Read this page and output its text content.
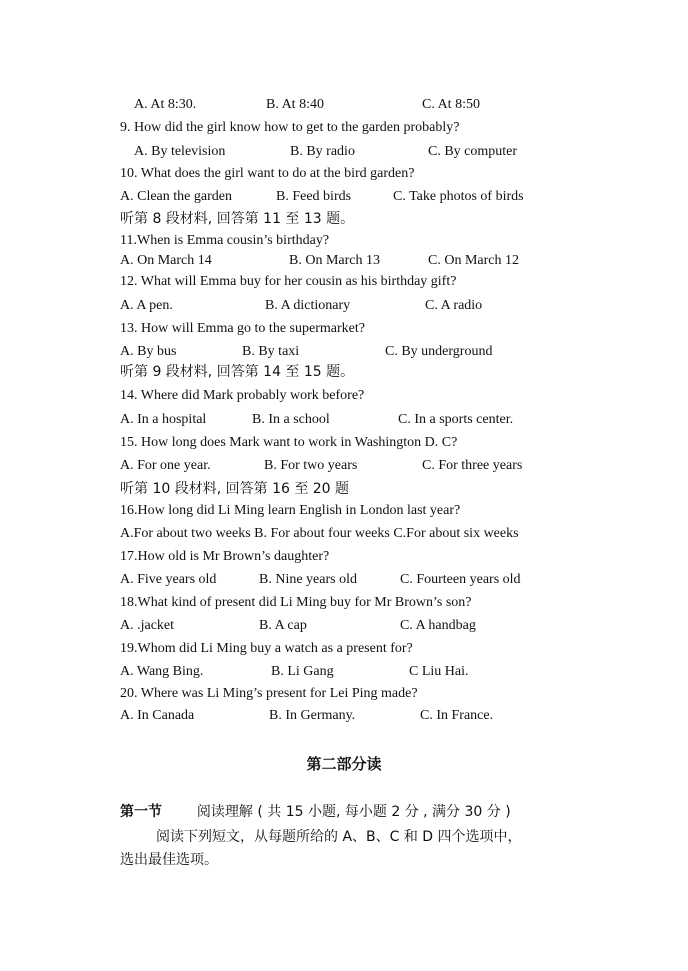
A. At 8:30.	B. At 8:40	C. At 8:50
9. How did the girl know how to get to the garden probably?
A. By television	B. By radio	C. By computer
10. What does the girl want to do at the bird garden?
A. Clean the garden	B. Feed birds	C. Take photos of birds
听第 8 段材料, 回答第 11 至 13 题。
11.When is Emma cousin’s birthday?
A. On March 14	B. On March 13	C. On March 12
12. What will Emma buy for her cousin as his birthday gift?
A. A pen.	B. A dictionary	C. A radio
13. How will Emma go to the supermarket?
A. By bus	B. By taxi	C. By underground
听第 9 段材料, 回答第 14 至 15 题。
14. Where did Mark probably work before?
A. In a hospital	B. In a school	C. In a sports center.
15. How long does Mark want to work in Washington D. C?
A. For one year.	B. For two years	C. For three years
听第 10 段材料, 回答第 16 至 20 题
16.How long did Li Ming learn English in London last year?
A.For about two weeks B. For about four weeks C.For about six weeks
17.How old is Mr Brown’s daughter?
A. Five years old	B. Nine years old	C. Fourteen years old
18.What kind of present did Li Ming buy for Mr Brown’s son?
A. .jacket	B. A cap	C. A handbag
19.Whom did Li Ming buy a watch as a present for?
A. Wang Bing.	B. Li Gang	C Liu Hai.
20. Where was Li Ming’s present for Lei Ping made?
A. In Canada	B. In Germany.	C. In France.
第二部分读
第一节 阅读理解 ( 共 15 小题, 每小题 2 分 , 满分 30 分 )
阅读下列短文，从每题所给的 A、B、C 和 D 四个选项中，
选出最佳选项。
